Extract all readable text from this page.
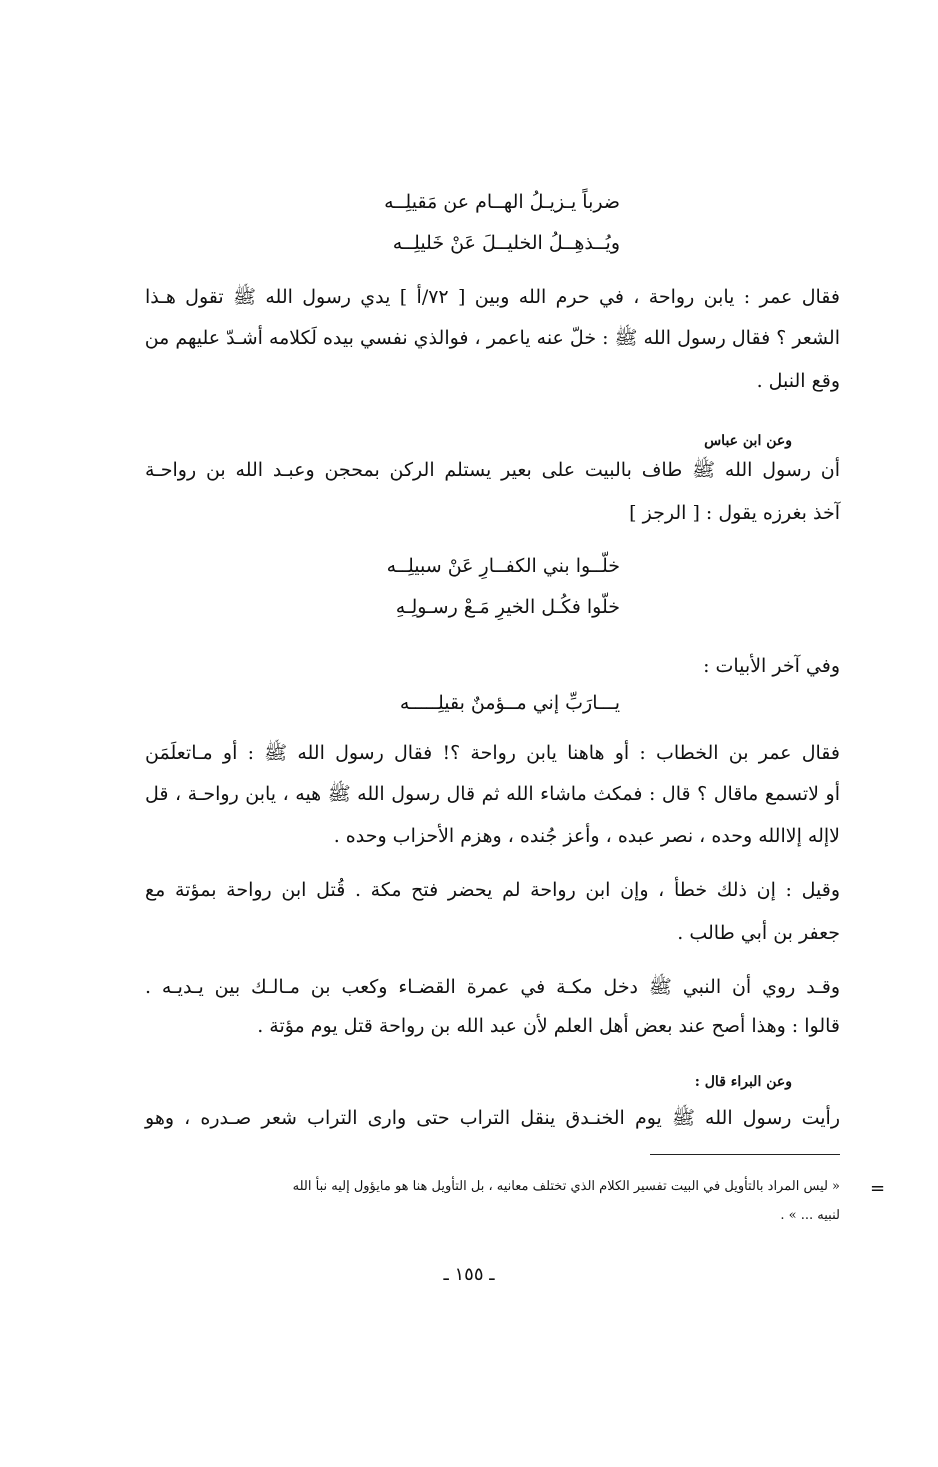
ضرباً يـزيـلُ الهــام عن مَقيلِــه
ويُــذهِــلُ الخليــلَ عَنْ خَليلِــه
فقال عمر : يابن رواحة ، في حرم الله وبين [ ٧٢/أ ] يدي رسول الله ﷺ تقول هـذا
الشعر ؟ فقال رسول الله ﷺ : خلّ عنه ياعمر ، فوالذي نفسي بيده لَكلامه أشـدّ عليهم من
وقع النبل .
وعن ابن عباس
أن رسول الله ﷺ طاف بالبيت على بعير يستلم الركن بمحجن وعبـد الله بن رواحـة
آخذ بغرزه يقول : [ الرجز ]
خلّــوا بني الكفــارِ عَنْ سبيلِــه
خلّوا فكُـل الخيرِ مَـعْ رسـولِـهِ
وفي آخر الأبيات :
يـــارَبِّ إني مــؤمنٌ بقيلِـــــه
فقال عمر بن الخطاب : أو هاهنا يابن رواحة ؟! فقال رسول الله ﷺ : أو مـاتعلَمَن
أو لاتسمع ماقال ؟ قال : فمكث ماشاء الله ثم قال رسول الله ﷺ هيه ، يابن رواحـة ، قل
لاإله إلاالله وحده ، نصر عبده ، وأعز جُنده ، وهزم الأحزاب وحده .
وقيل : إن ذلك خطأ ، وإن ابن رواحة لم يحضر فتح مكة . قُتل ابن رواحة بمؤتة مع
جعفر بن أبي طالب .
وقـد روي أن النبي ﷺ دخل مكـة في عمرة القضـاء وكعب بن مـالـك بين يـديـه .
قالوا : وهذا أصح عند بعض أهل العلم لأن عبد الله بن رواحة قتل يوم مؤتة .
وعن البراء قال :
رأيت رسول الله ﷺ يوم الخنـدق ينقل التراب حتى وارى التراب شعر صـدره ، وهو
=
« ليس المراد بالتأويل في البيت تفسير الكلام الذي تختلف معانيه ، بل التأويل هنا هو مايؤول إليه نبأ الله
لنبيه ... » .
ـ ١٥٥ ـ
